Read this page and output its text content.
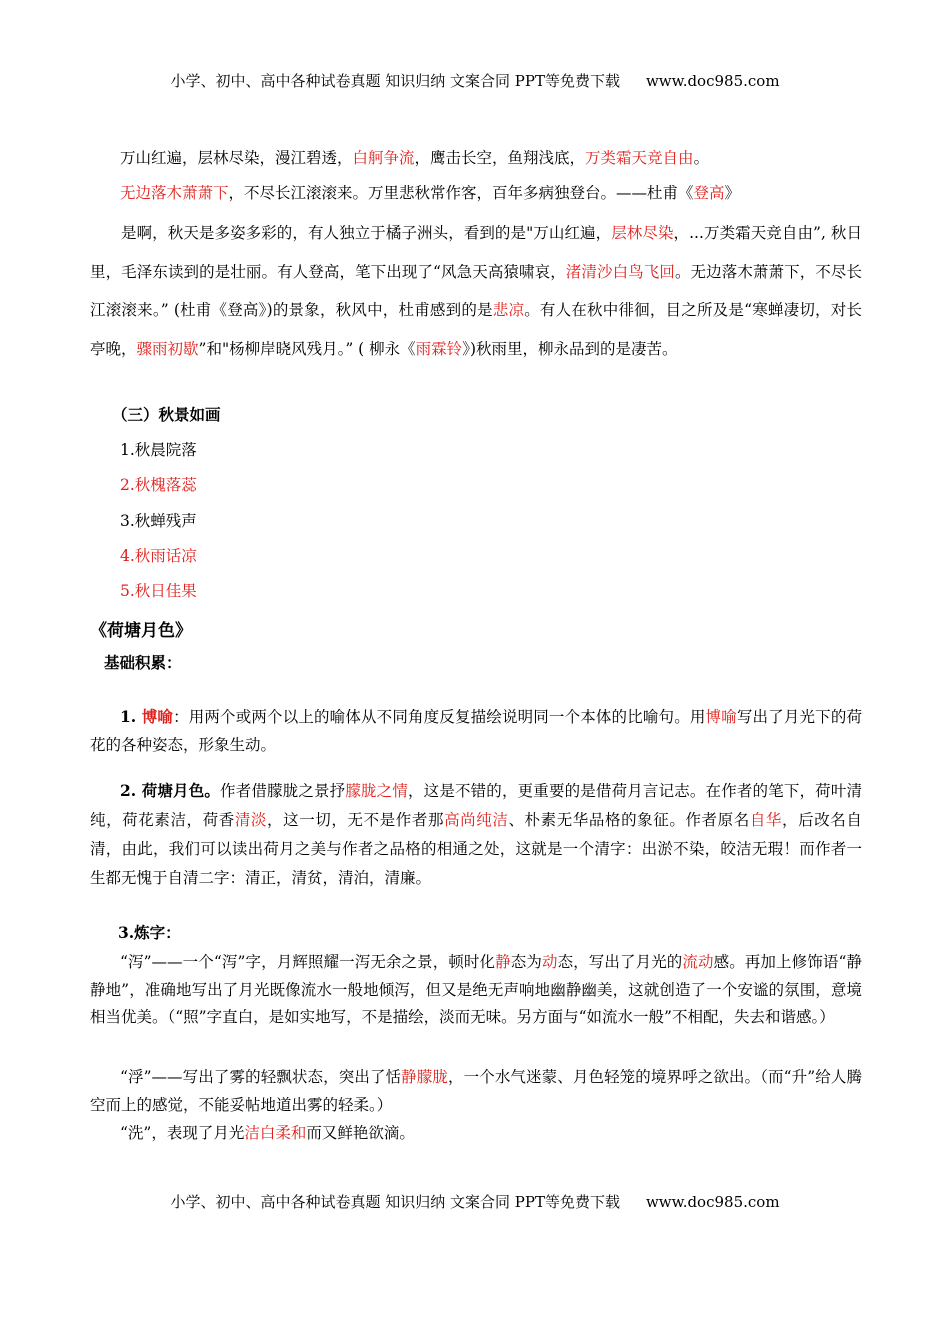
小学、初中、高中各种试卷真题 知识归纳 文案合同 PPT等免费下载 www.doc985.com
万山红遍，层林尽染，漫江碧透，白舸争流，鹰击长空，鱼翔浅底，万类霜天竞自由。
无边落木萧萧下，不尽长江滚滚来。万里悲秋常作客，百年多病独登台。——杜甫《登高》
是啊，秋天是多姿多彩的，有人独立于橘子洲头，看到的是"万山红遍，层林尽染，...万类霜天竞自由”, 秋日里，毛泽东读到的是壮丽。有人登高，笔下出现了“风急天高猿啸哀，渚清沙白鸟飞回。无边落木萧萧下，不尽长江滚滚来。” (杜甫《登高》)的景象，秋风中，杜甫感到的是悲凉。有人在秋中徘徊，目之所及是“寒蝉凄切，对长亭晚，骤雨初歇”和"杨柳岸晓风残月。” ( 柳永《雨霖铃》)秋雨里，柳永品到的是凄苦。
（三）秋景如画
1.秋晨院落
2.秋槐落蕊
3.秋蝉残声
4.秋雨话凉
5.秋日佳果
《荷塘月色》
基础积累：
1. 博喻：用两个或两个以上的喻体从不同角度反复描绘说明同一个本体的比喻句。用博喻写出了月光下的荷花的各种姿态，形象生动。
2. 荷塘月色。作者借朦胧之景抒朦胧之情，这是不错的，更重要的是借荷月言记志。在作者的笔下，荷叶清纯，荷花素洁，荷香清淡，这一切，无不是作者那高尚纯洁、朴素无华品格的象征。作者原名自华，后改名自清，由此，我们可以读出荷月之美与作者之品格的相通之处，这就是一个清字：出淤不染，皎洁无瑕！而作者一生都无愧于自清二字：清正，清贫，清泊，清廉。
3.炼字：
“泻”——一个“泻”字，月辉照耀一泻无余之景，顿时化静态为动态，写出了月光的流动感。再加上修饰语“静静地”，准确地写出了月光既像流水一般地倾泻，但又是绝无声响地幽静幽美，这就创造了一个安谧的氛围，意境相当优美。（“照”字直白，是如实地写，不是描绘，淡而无味。另方面与“如流水一般”不相配，失去和谐感。）
“浮”——写出了雾的轻飘状态，突出了恬静朦胧，一个水气迷蒙、月色轻笼的境界呼之欲出。（而“升”给人腾空而上的感觉，不能妥帖地道出雾的轻柔。）
“洗”，表现了月光洁白柔和而又鲜艳欲滴。
小学、初中、高中各种试卷真题 知识归纳 文案合同 PPT等免费下载 www.doc985.com
